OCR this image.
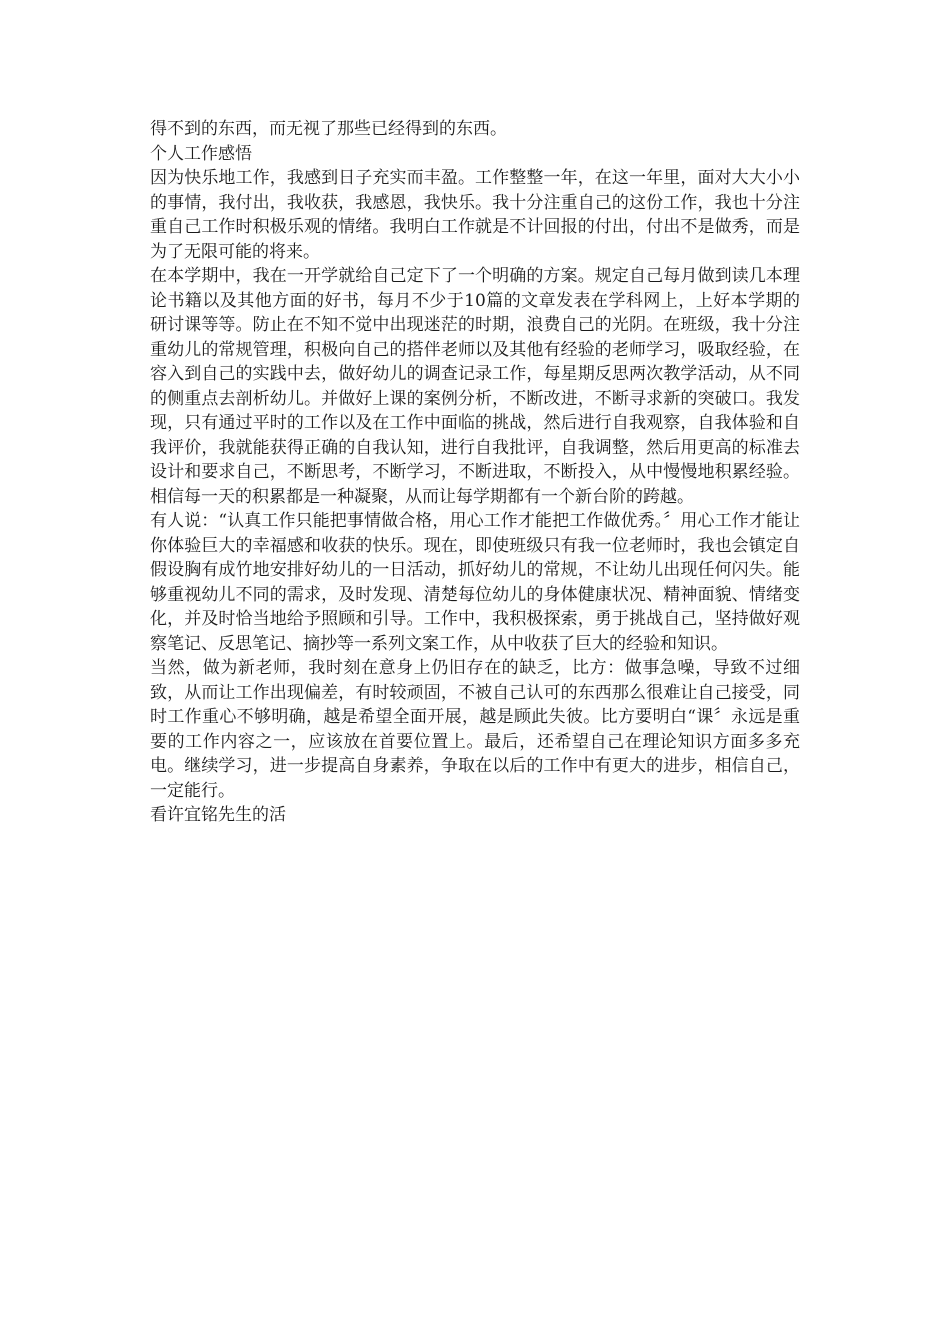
得不到的东西，而无视了那些已经得到的东西。

个人工作感悟

因为快乐地工作，我感到日子充实而丰盈。工作整整一年，在这一年里，面对大大小小的事情，我付出，我收获，我感恩，我快乐。我十分注重自己的这份工作，我也十分注重自己工作时积极乐观的情绪。我明白工作就是不计回报的付出，付出不是做秀，而是为了无限可能的将来。

在本学期中，我在一开学就给自己定下了一个明确的方案。规定自己每月做到读几本理论书籍以及其他方面的好书，每月不少于10篇的文章发表在学科网上，上好本学期的研讨课等等。防止在不知不觉中出现迷茫的时期，浪费自己的光阴。在班级，我十分注重幼儿的常规管理，积极向自己的搭伴老师以及其他有经验的老师学习，吸取经验，在容入到自己的实践中去，做好幼儿的调查记录工作，每星期反思两次教学活动，从不同的侧重点去剖析幼儿。并做好上课的案例分析，不断改进，不断寻求新的突破口。我发现，只有通过平时的工作以及在工作中面临的挑战，然后进行自我观察，自我体验和自我评价，我就能获得正确的自我认知，进行自我批评，自我调整，然后用更高的标准去设计和要求自己，不断思考，不断学习，不断进取，不断投入，从中慢慢地积累经验。相信每一天的积累都是一种凝聚，从而让每学期都有一个新台阶的跨越。

有人说：“认真工作只能把事情做合格，用心工作才能把工作做优秀。〞用心工作才能让你体验巨大的幸福感和收获的快乐。现在，即使班级只有我一位老师时，我也会镇定自假设胸有成竹地安排好幼儿的一日活动，抓好幼儿的常规，不让幼儿出现任何闪失。能够重视幼儿不同的需求，及时发现、清楚每位幼儿的身体健康状况、精神面貌、情绪变化，并及时恰当地给予照顾和引导。工作中，我积极探索，勇于挑战自己，坚持做好观察笔记、反思笔记、摘抄等一系列文案工作，从中收获了巨大的经验和知识。

当然，做为新老师，我时刻在意身上仍旧存在的缺乏，比方：做事急噪，导致不过细致，从而让工作出现偏差，有时较顽固，不被自己认可的东西那么很难让自己接受，同时工作重心不够明确，越是希望全面开展，越是顾此失彼。比方要明白“课〞永远是重要的工作内容之一，应该放在首要位置上。最后，还希望自己在理论知识方面多多充电。继续学习，进一步提高自身素养，争取在以后的工作中有更大的进步，相信自己，一定能行。

看许宜铭先生的活
